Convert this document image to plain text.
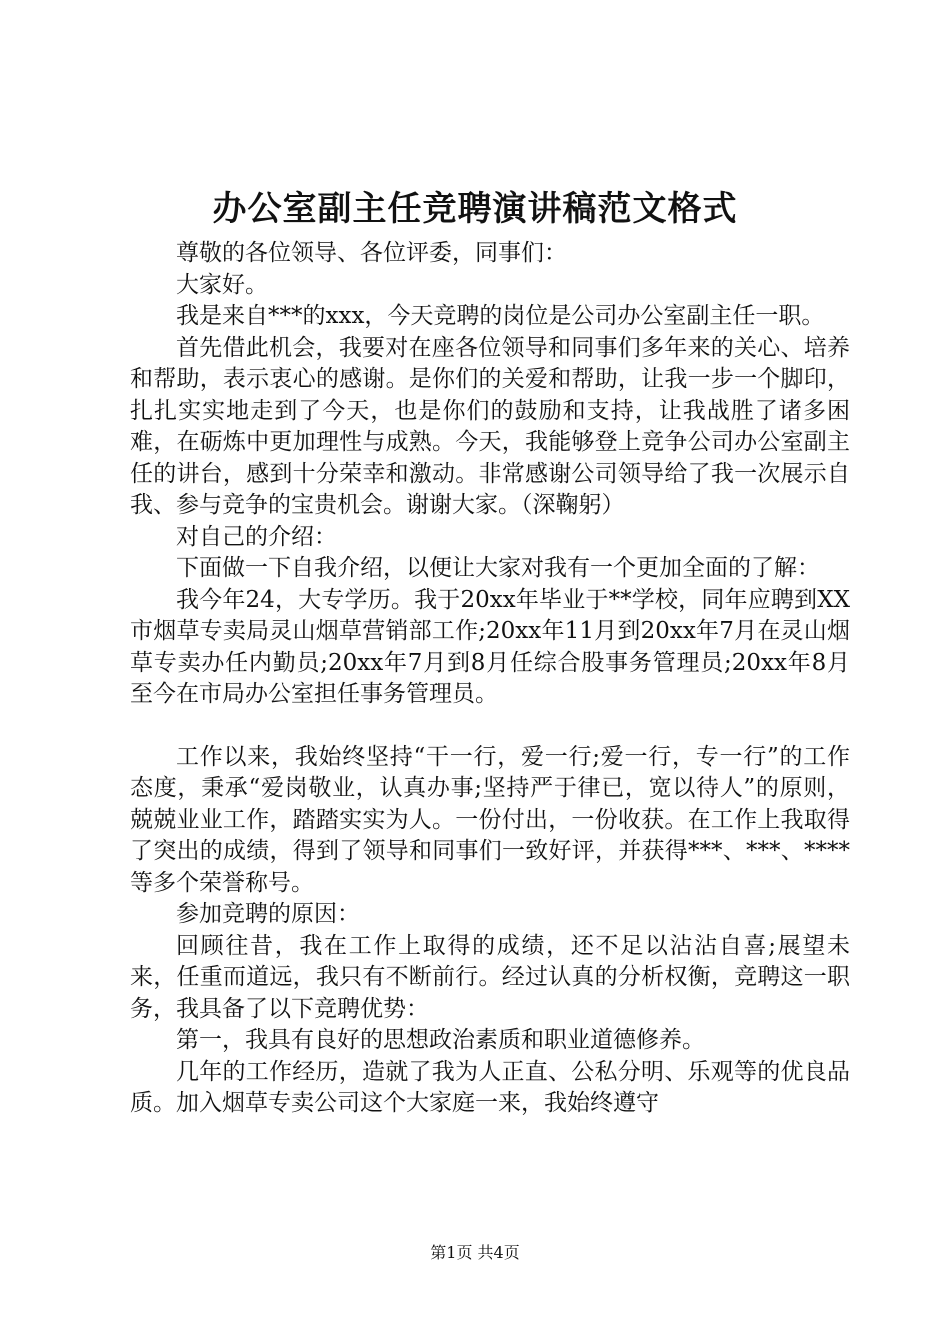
办公室副主任竞聘演讲稿范文格式

尊敬的各位领导、各位评委，同事们：

大家好。

我是来自***的xxx，今天竞聘的岗位是公司办公室副主任一职。

首先借此机会，我要对在座各位领导和同事们多年来的关心、培养和帮助，表示衷心的感谢。是你们的关爱和帮助，让我一步一个脚印，扎扎实实地走到了今天，也是你们的鼓励和支持，让我战胜了诸多困难，在砺炼中更加理性与成熟。今天，我能够登上竞争公司办公室副主任的讲台，感到十分荣幸和激动。非常感谢公司领导给了我一次展示自我、参与竞争的宝贵机会。谢谢大家。（深鞠躬）

对自己的介绍：

下面做一下自我介绍，以便让大家对我有一个更加全面的了解：

我今年24，大专学历。我于20xx年毕业于**学校，同年应聘到XX市烟草专卖局灵山烟草营销部工作;20xx年11月到20xx年7月在灵山烟草专卖办任内勤员;20xx年7月到8月任综合股事务管理员;20xx年8月至今在市局办公室担任事务管理员。

工作以来，我始终坚持“干一行，爱一行;爱一行，专一行”的工作态度，秉承“爱岗敬业，认真办事;坚持严于律已，宽以待人”的原则，兢兢业业工作，踏踏实实为人。一份付出，一份收获。在工作上我取得了突出的成绩，得到了领导和同事们一致好评，并获得***、***、****等多个荣誉称号。

参加竞聘的原因：

回顾往昔，我在工作上取得的成绩，还不足以沾沾自喜;展望未来，任重而道远，我只有不断前行。经过认真的分析权衡，竞聘这一职务，我具备了以下竞聘优势：

第一，我具有良好的思想政治素质和职业道德修养。

几年的工作经历，造就了我为人正直、公私分明、乐观等的优良品质。加入烟草专卖公司这个大家庭一来，我始终遵守

第1页 共4页
